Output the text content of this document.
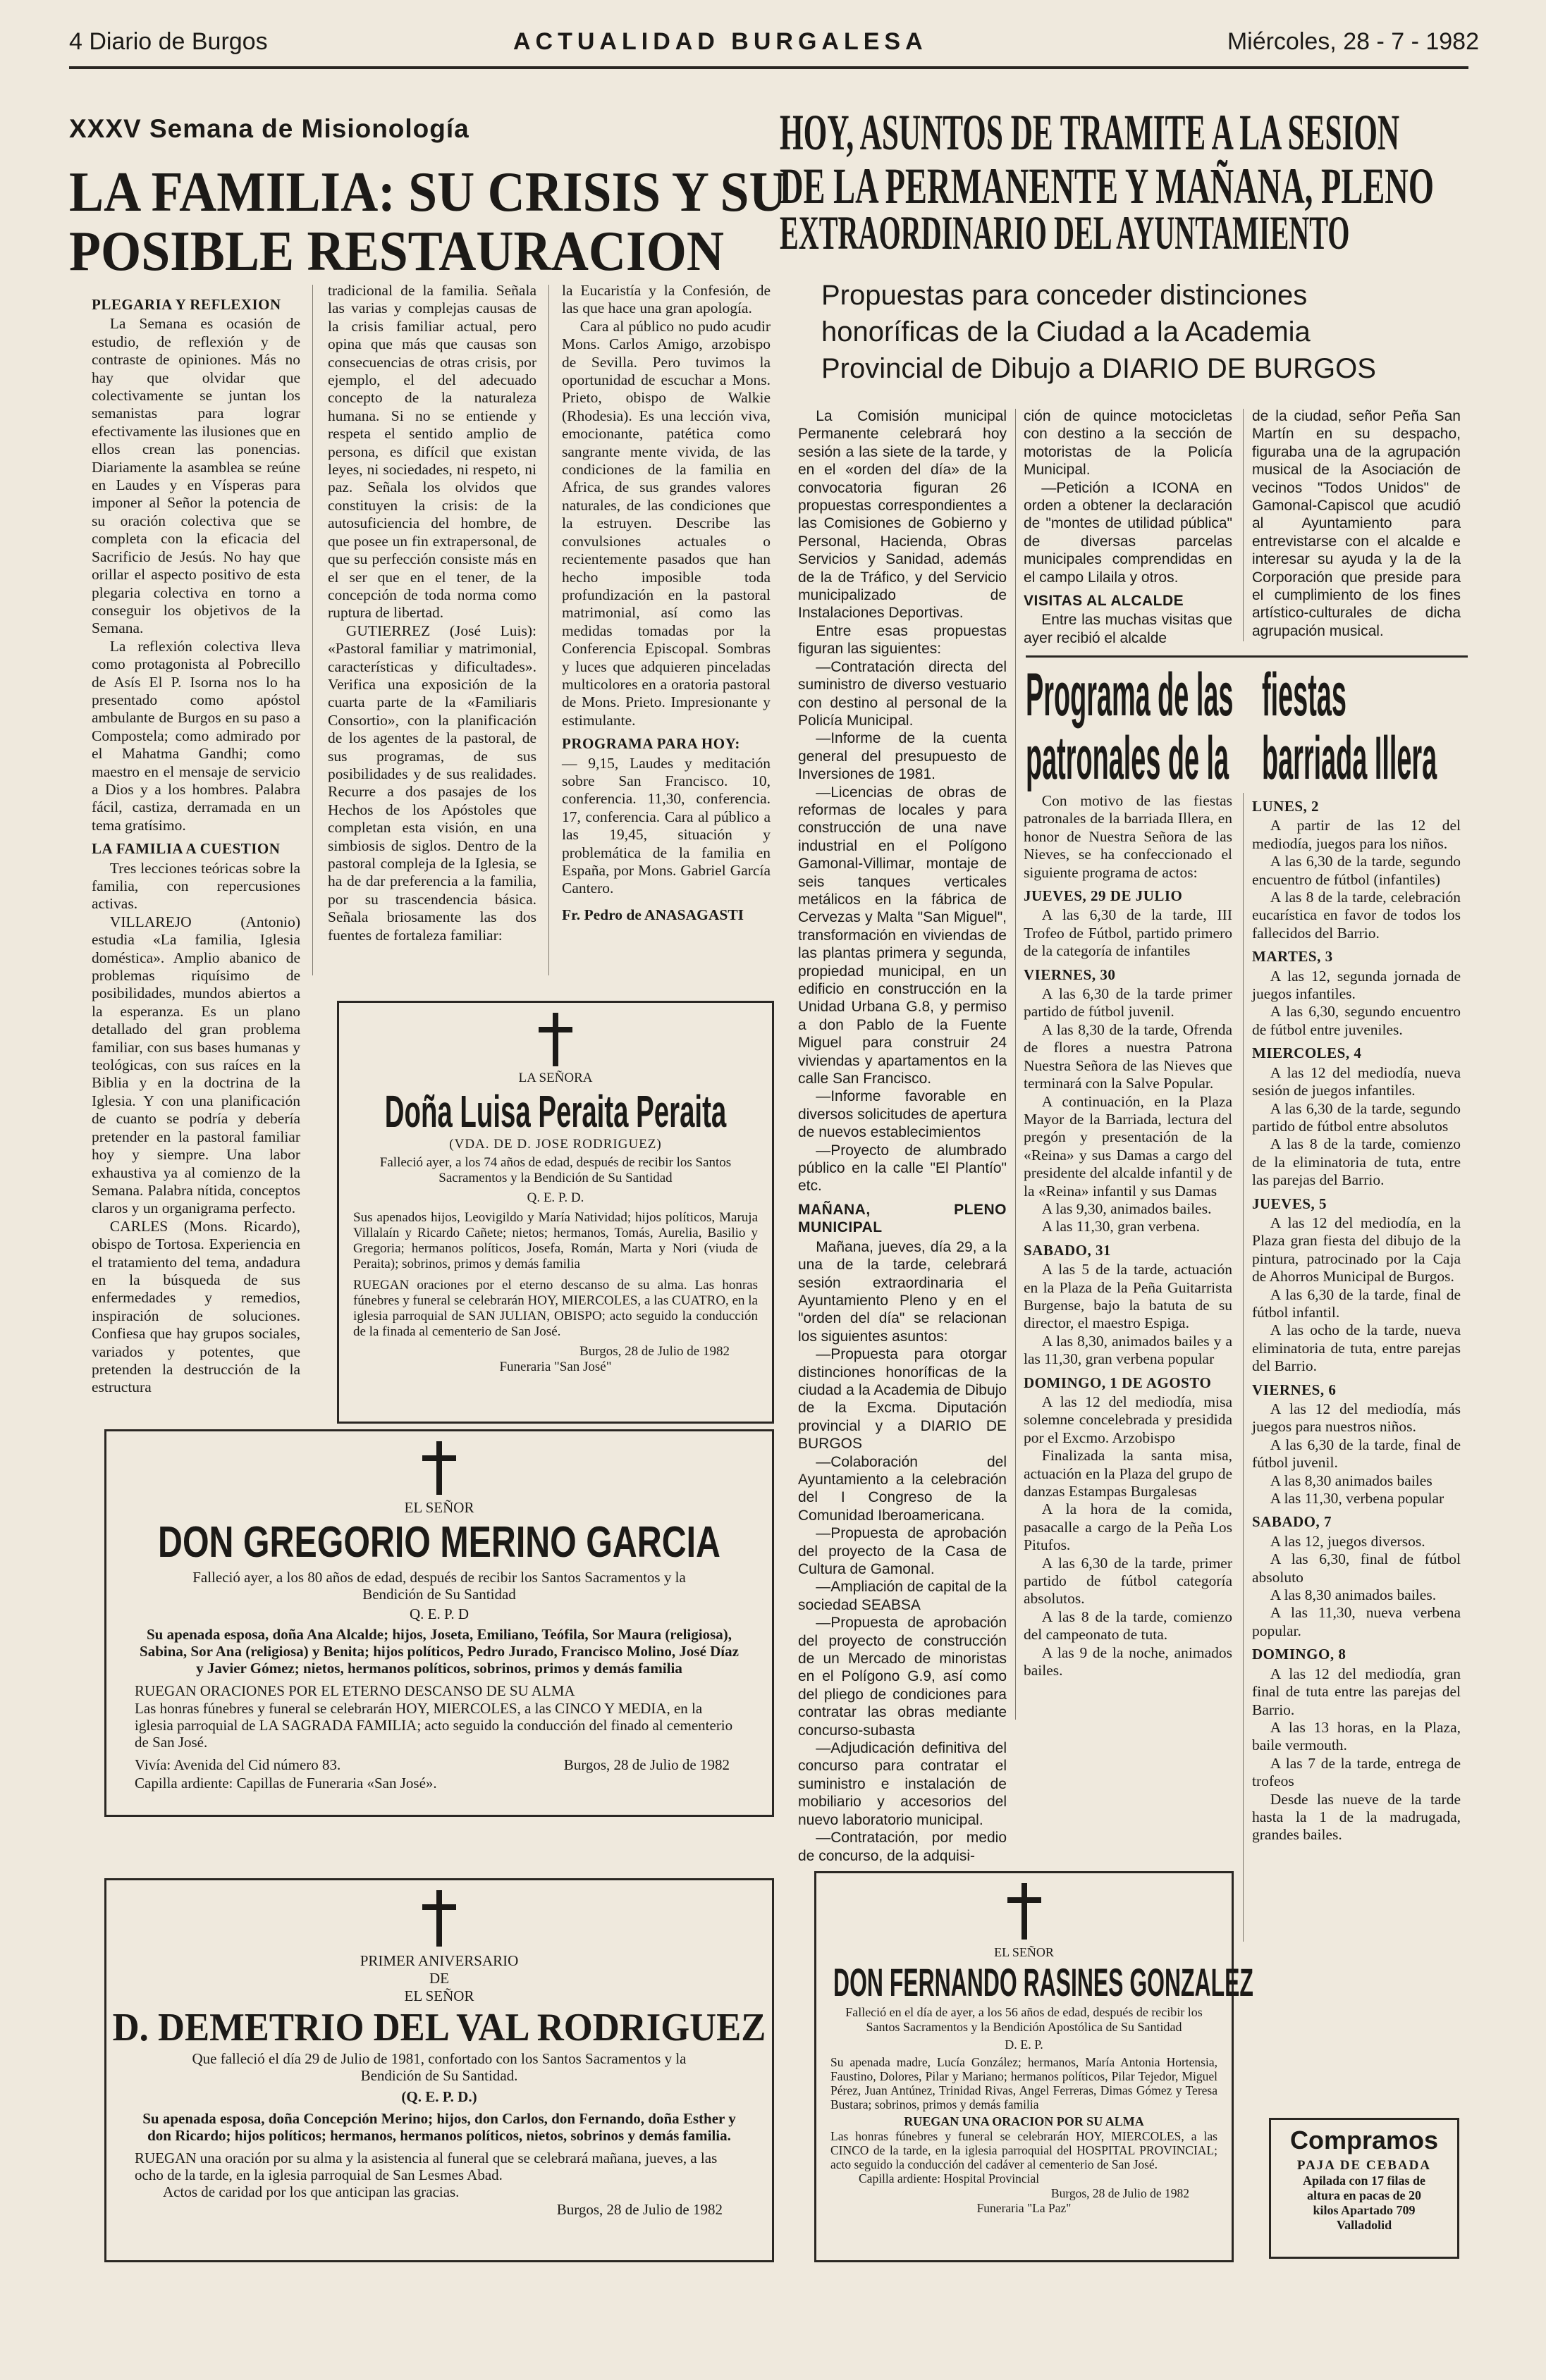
4 Diario de Burgos	ACTUALIDAD BURGALESA	Miércoles, 28 - 7 - 1982
XXXV Semana de Misionología
LA FAMILIA: SU CRISIS Y SU
POSIBLE RESTAURACION
PLEGARIA Y REFLEXION

La Semana es ocasión de estudio, de reflexión y de contraste de opiniones. Más no hay que olvidar que colectivamente se juntan los semanistas para lograr efectivamente las ilusiones que en ellos crean las ponencias. Diariamente la asamblea se reúne en Laudes y en Vísperas para imponer al Señor la potencia de su oración colectiva que se completa con la eficacia del Sacrificio de Jesús. No hay que orillar el aspecto positivo de esta plegaria colectiva en torno a conseguir los objetivos de la Semana.

La reflexión colectiva lleva como protagonista al Pobrecillo de Asís El P. Isorna nos lo ha presentado como apóstol ambulante de Burgos en su paso a Compostela; como admirado por el Mahatma Gandhi; como maestro en el mensaje de servicio a Dios y a los hombres. Palabra fácil, castiza, derramada en un tema gratísimo.

LA FAMILIA A CUESTION

Tres lecciones teóricas sobre la familia, con repercusiones activas.

VILLAREJO (Antonio) estudia «La familia, Iglesia doméstica». Amplio abanico de problemas riquísimo de posibilidades, mundos abiertos a la esperanza. Es un plano detallado del gran problema familiar, con sus bases humanas y teológicas, con sus raíces en la Biblia y en la doctrina de la Iglesia. Y con una planificación de cuanto se podría y debería pretender en la pastoral familiar hoy y siempre. Una labor exhaustiva ya al comienzo de la Semana. Palabra nítida, conceptos claros y un organigrama perfecto.

CARLES (Mons. Ricardo), obispo de Tortosa. Experiencia en el tratamiento del tema, andadura en la búsqueda de sus enfermedades y remedios, inspiración de soluciones. Confiesa que hay grupos sociales, variados y potentes, que pretenden la destrucción de la estructura

tradicional de la familia. Señala las varias y complejas causas de la crisis familiar actual, pero opina que más que causas son consecuencias de otras crisis, por ejemplo, el del adecuado concepto de la naturaleza humana. Si no se entiende y respeta el sentido amplio de persona, es difícil que existan leyes, ni sociedades, ni respeto, ni paz. Señala los olvidos que constituyen la crisis: de la autosuficiencia del hombre, de que posee un fin extrapersonal, de que su perfección consiste más en el ser que en el tener, de la concepción de toda norma como ruptura de libertad.

GUTIERREZ (José Luis): «Pastoral familiar y matrimonial, características y dificultades». Verifica una exposición de la cuarta parte de la «Familiaris Consortio», con la planificación de los agentes de la pastoral, de sus programas, de sus posibilidades y de sus realidades. Recurre a dos pasajes de los Hechos de los Apóstoles que completan esta visión, en una simbiosis de siglos. Dentro de la pastoral compleja de la Iglesia, se ha de dar preferencia a la familia, por su trascendencia básica. Señala briosamente las dos fuentes de fortaleza familiar:

la Eucaristía y la Confesión, de las que hace una gran apología.

Cara al público no pudo acudir Mons. Carlos Amigo, arzobispo de Sevilla. Pero tuvimos la oportunidad de escuchar a Mons. Prieto, obispo de Walkie (Rhodesia). Es una lección viva, emocionante, patética como sangrante mente vivida, de las condiciones de la familia en Africa, de sus grandes valores naturales, de las condiciones que la estruyen. Describe las convulsiones actuales o recientemente pasados que han hecho imposible toda profundización en la pastoral matrimonial, así como las medidas tomadas por la Conferencia Episcopal. Sombras y luces que adquieren pinceladas multicolores en a oratoria pastoral de Mons. Prieto. Impresionante y estimulante.

PROGRAMA PARA HOY:

— 9,15, Laudes y meditación sobre San Francisco. 10, conferencia. 11,30, conferencia. 17, conferencia. Cara al público a las 19,45, situación y problemática de la familia en España, por Mons. Gabriel García Cantero.

Fr. Pedro de ANASAGASTI

HOY, ASUNTOS DE TRAMITE A LA SESION
DE LA PERMANENTE Y MAÑANA, PLENO
EXTRAORDINARIO DEL AYUNTAMIENTO
Propuestas para conceder distinciones
honoríficas de la Ciudad a la Academia
Provincial de Dibujo a DIARIO DE BURGOS

La Comisión municipal Permanente celebrará hoy sesión a las siete de la tarde, y en el «orden del día» de la convocatoria figuran 26 propuestas correspondientes a las Comisiones de Gobierno y Personal, Hacienda, Obras Servicios y Sanidad, además de la de Tráfico, y del Servicio municipalizado de Instalaciones Deportivas.

Entre esas propuestas figuran las siguientes:

—Contratación directa del suministro de diverso vestuario con destino al personal de la Policía Municipal.

—Informe de la cuenta general del presupuesto de Inversiones de 1981.

—Licencias de obras de reformas de locales y para construcción de una nave industrial en el Polígono Gamonal-Villimar, montaje de seis tanques verticales metálicos en la fábrica de Cervezas y Malta "San Miguel", transformación en viviendas de las plantas primera y segunda, propiedad municipal, en un edificio en construcción en la Unidad Urbana G.8, y permiso a don Pablo de la Fuente Miguel para construir 24 viviendas y apartamentos en la calle San Francisco.

—Informe favorable en diversos solicitudes de apertura de nuevos establecimientos

—Proyecto de alumbrado público en la calle "El Plantío" etc.

MAÑANA, PLENO MUNICIPAL

Mañana, jueves, día 29, a la una de la tarde, celebrará sesión extraordinaria el Ayuntamiento Pleno y en el "orden del día" se relacionan los siguientes asuntos:

—Propuesta para otorgar distinciones honoríficas de la ciudad a la Academia de Dibujo de la Excma. Diputación provincial y a DIARIO DE BURGOS

—Colaboración del Ayuntamiento a la celebración del I Congreso de la Comunidad Iberoamericana.

—Propuesta de aprobación del proyecto de la Casa de Cultura de Gamonal.

—Ampliación de capital de la sociedad SEABSA

—Propuesta de aprobación del proyecto de construcción de un Mercado de minoristas en el Polígono G.9, así como del pliego de condiciones para contratar las obras mediante concurso-subasta

—Adjudicación definitiva del concurso para contratar el suministro e instalación de mobiliario y accesorios del nuevo laboratorio municipal.

—Contratación, por medio de concurso, de la adquisi-

ción de quince motocicletas con destino a la sección de motoristas de la Policía Municipal.

—Petición a ICONA en orden a obtener la declaración de "montes de utilidad pública" de diversas parcelas municipales comprendidas en el campo Lilaila y otros.

VISITAS AL ALCALDE

Entre las muchas visitas que ayer recibió el alcalde

de la ciudad, señor Peña San Martín en su despacho, figuraba una de la agrupación musical de la Asociación de vecinos "Todos Unidos" de Gamonal-Capiscol que acudió al Ayuntamiento para entrevistarse con el alcalde e interesar su ayuda y la de la Corporación que preside para el cumplimiento de los fines artístico-culturales de dicha agrupación musical.

Programa de las fiestas
patronales de la barriada Illera

Con motivo de las fiestas patronales de la barriada Illera, en honor de Nuestra Señora de las Nieves, se ha confeccionado el siguiente programa de actos:

JUEVES, 29 DE JULIO

A las 6,30 de la tarde, III Trofeo de Fútbol, partido primero de la categoría de infantiles

VIERNES, 30

A las 6,30 de la tarde primer partido de fútbol juvenil.

A las 8,30 de la tarde, Ofrenda de flores a nuestra Patrona Nuestra Señora de las Nieves que terminará con la Salve Popular.

A continuación, en la Plaza Mayor de la Barriada, lectura del pregón y presentación de la «Reina» y sus Damas a cargo del presidente del alcalde infantil y de la «Reina» infantil y sus Damas

A las 9,30, animados bailes.

A las 11,30, gran verbena.

SABADO, 31

A las 5 de la tarde, actuación en la Plaza de la Peña Guitarrista Burgense, bajo la batuta de su director, el maestro Espiga.

A las 8,30, animados bailes y a las 11,30, gran verbena popular

DOMINGO, 1 DE AGOSTO

A las 12 del mediodía, misa solemne concelebrada y presidida por el Excmo. Arzobispo

Finalizada la santa misa, actuación en la Plaza del grupo de danzas Estampas Burgalesas

A la hora de la comida, pasacalle a cargo de la Peña Los Pitufos.

A las 6,30 de la tarde, primer partido de fútbol categoría absolutos.

A las 8 de la tarde, comienzo del campeonato de tuta.

A las 9 de la noche, animados bailes.

LUNES, 2

A partir de las 12 del mediodía, juegos para los niños.

A las 6,30 de la tarde, segundo encuentro de fútbol (infantiles)

A las 8 de la tarde, celebración eucarística en favor de todos los fallecidos del Barrio.

MARTES, 3

A las 12, segunda jornada de juegos infantiles.

A las 6,30, segundo encuentro de fútbol entre juveniles.

MIERCOLES, 4

A las 12 del mediodía, nueva sesión de juegos infantiles.

A las 6,30 de la tarde, segundo partido de fútbol entre absolutos

A las 8 de la tarde, comienzo de la eliminatoria de tuta, entre las parejas del Barrio.

JUEVES, 5

A las 12 del mediodía, en la Plaza gran fiesta del dibujo de la pintura, patrocinado por la Caja de Ahorros Municipal de Burgos.

A las 6,30 de la tarde, final de fútbol infantil.

A las ocho de la tarde, nueva eliminatoria de tuta, entre parejas del Barrio.

VIERNES, 6

A las 12 del mediodía, más juegos para nuestros niños.

A las 6,30 de la tarde, final de fútbol juvenil.

A las 8,30 animados bailes

A las 11,30, verbena popular

SABADO, 7

A las 12, juegos diversos.

A las 6,30, final de fútbol absoluto

A las 8,30 animados bailes.

A las 11,30, nueva verbena popular.

DOMINGO, 8

A las 12 del mediodía, gran final de tuta entre las parejas del Barrio.

A las 13 horas, en la Plaza, baile vermouth.

A las 7 de la tarde, entrega de trofeos

Desde las nueve de la tarde hasta la 1 de la madrugada, grandes bailes.

LA SEÑORA
Doña Luisa Peraita Peraita
(VDA. DE D. JOSE RODRIGUEZ)
Falleció ayer, a los 74 años de edad, después de recibir los Santos Sacramentos y la Bendición de Su Santidad
Q. E. P. D.
Sus apenados hijos, Leovigildo y María Natividad; hijos políticos, Maruja Villalaín y Ricardo Cañete; nietos; hermanos, Tomás, Aurelia, Basilio y Gregoria; hermanos políticos, Josefa, Román, Marta y Nori (viuda de Peraita); sobrinos, primos y demás familia
RUEGAN oraciones por el eterno descanso de su alma. Las honras fúnebres y funeral se celebrarán HOY, MIERCOLES, a las CUATRO, en la iglesia parroquial de SAN JULIAN, OBISPO; acto seguido la conducción de la finada al cementerio de San José.
Burgos, 28 de Julio de 1982
Funeraria "San José"
EL SEÑOR
DON GREGORIO MERINO GARCIA
Falleció ayer, a los 80 años de edad, después de recibir los Santos Sacramentos y la Bendición de Su Santidad
Q. E. P. D
Su apenada esposa, doña Ana Alcalde; hijos, Joseta, Emiliano, Teófila, Sor Maura (religiosa), Sabina, Sor Ana (religiosa) y Benita; hijos políticos, Pedro Jurado, Francisco Molino, José Díaz y Javier Gómez; nietos, hermanos políticos, sobrinos, primos y demás familia
RUEGAN ORACIONES POR EL ETERNO DESCANSO DE SU ALMA
Las honras fúnebres y funeral se celebrarán HOY, MIERCOLES, a las CINCO Y MEDIA, en la iglesia parroquial de LA SAGRADA FAMILIA; acto seguido la conducción del finado al cementerio de San José.
Vivía: Avenida del Cid número 83.	Burgos, 28 de Julio de 1982
Capilla ardiente: Capillas de Funeraria «San José».
PRIMER ANIVERSARIO
DE
EL SEÑOR
D. DEMETRIO DEL VAL RODRIGUEZ
Que falleció el día 29 de Julio de 1981, confortado con los Santos Sacramentos y la Bendición de Su Santidad.
(Q. E. P. D.)
Su apenada esposa, doña Concepción Merino; hijos, don Carlos, don Fernando, doña Esther y don Ricardo; hijos políticos; hermanos, hermanos políticos, nietos, sobrinos y demás familia.
RUEGAN una oración por su alma y la asistencia al funeral que se celebrará mañana, jueves, a las ocho de la tarde, en la iglesia parroquial de San Lesmes Abad.
Actos de caridad por los que anticipan las gracias.
Burgos, 28 de Julio de 1982
EL SEÑOR
DON FERNANDO RASINES GONZALEZ
Falleció en el día de ayer, a los 56 años de edad, después de recibir los Santos Sacramentos y la Bendición Apostólica de Su Santidad
D. E. P.
Su apenada madre, Lucía González; hermanos, María Antonia Hortensia, Faustino, Dolores, Pilar y Mariano; hermanos políticos, Pilar Tejedor, Miguel Pérez, Juan Antúnez, Trinidad Rivas, Angel Ferreras, Dimas Gómez y Teresa Bustara; sobrinos, primos y demás familia
RUEGAN UNA ORACION POR SU ALMA
Las honras fúnebres y funeral se celebrarán HOY, MIERCOLES, a las CINCO de la tarde, en la iglesia parroquial del HOSPITAL PROVINCIAL; acto seguido la conducción del cadáver al cementerio de San José.
Capilla ardiente: Hospital Provincial
Burgos, 28 de Julio de 1982
Funeraria "La Paz"
Compramos
PAJA DE CEBADA
Apilada con 17 filas de
altura en pacas de 20
kilos Apartado 709
Valladolid
